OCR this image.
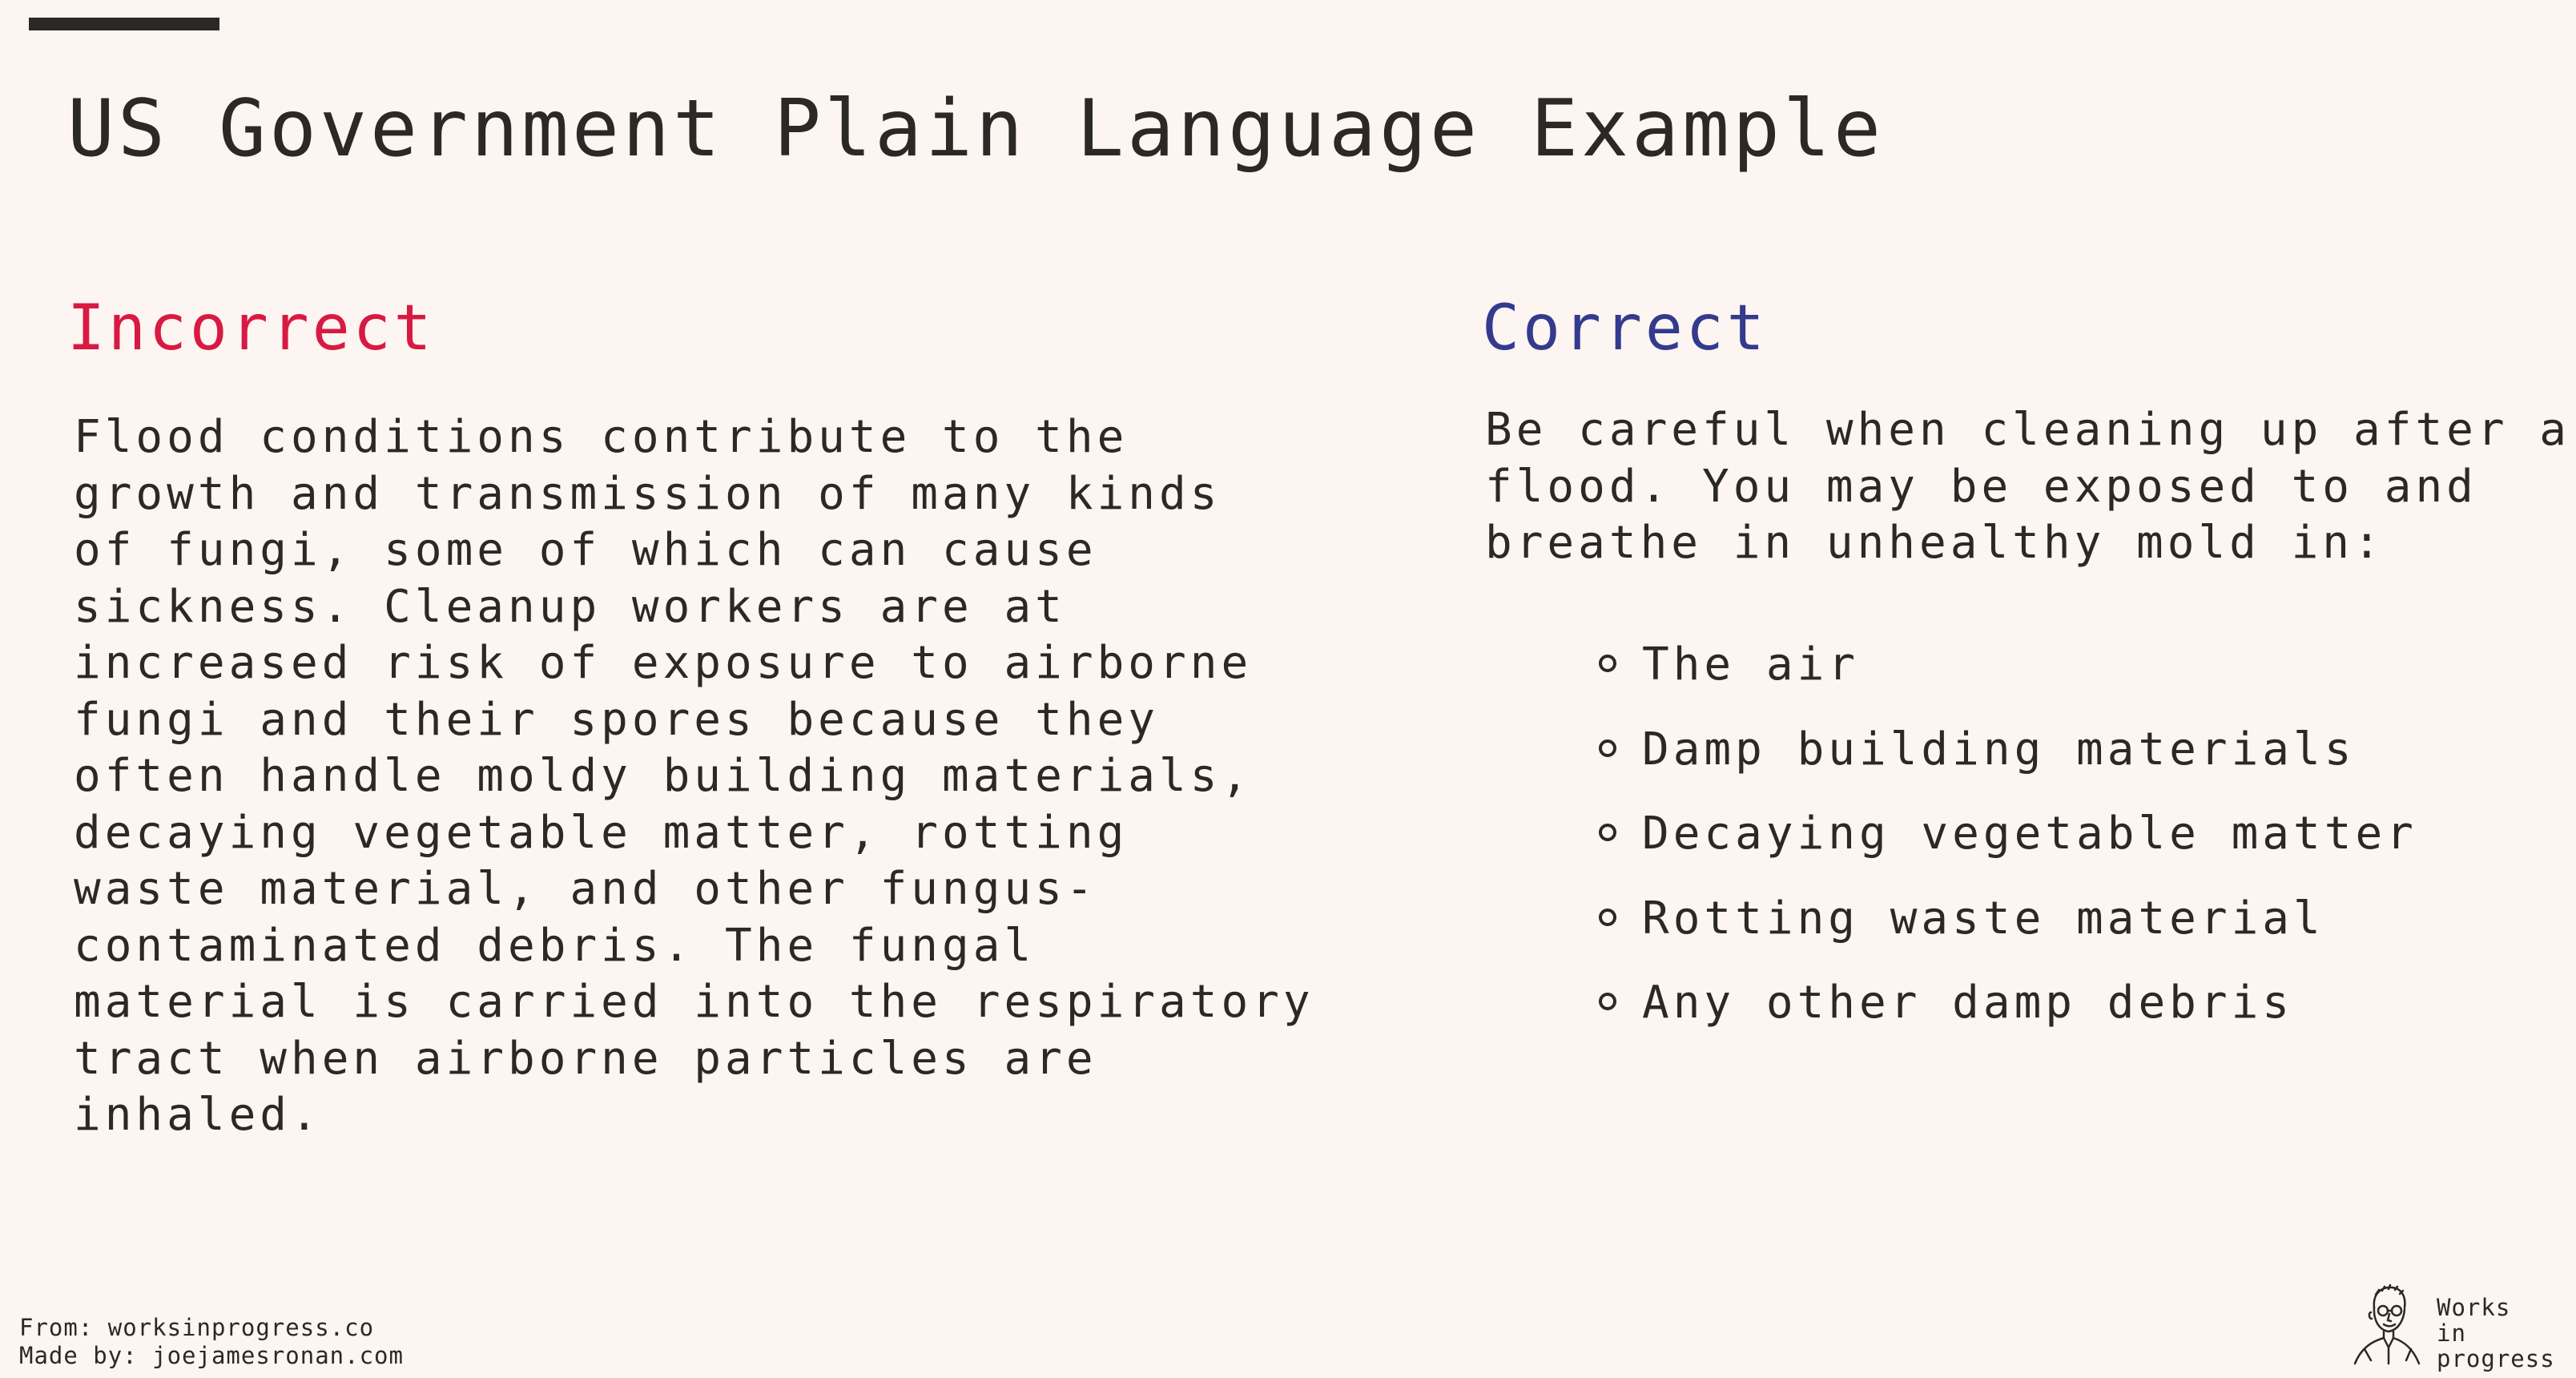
US Government Plain Language Example
Incorrect

Flood conditions contribute to the
growth and transmission of many kinds
of fungi, some of which can cause
sickness. Cleanup workers are at
increased risk of exposure to airborne
fungi and their spores because they
often handle moldy building materials,
decaying vegetable matter, rotting
waste material, and other fungus-
contaminated debris. The fungal
material is carried into the respiratory
tract when airborne particles are
inhaled.

Correct

Be careful when cleaning up after a
flood. You may be exposed to and
breathe in unhealthy mold in:

The air
Damp building materials
Decaying vegetable matter
Rotting waste material
Any other damp debris
From: worksinprogress.co
Made by: joejamesronan.com
Works
in
progress
